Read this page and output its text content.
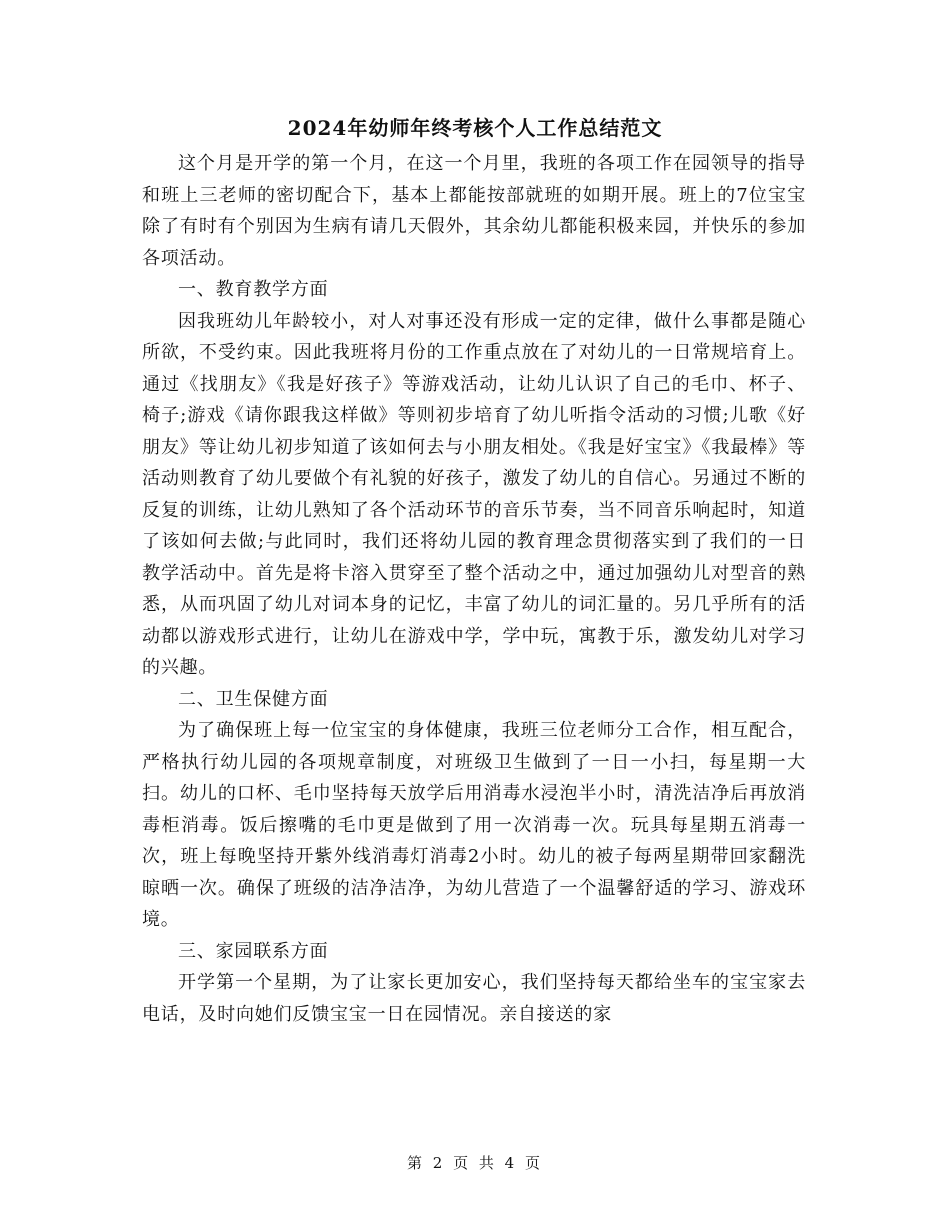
2024年幼师年终考核个人工作总结范文

这个月是开学的第一个月，在这一个月里，我班的各项工作在园领导的指导和班上三老师的密切配合下，基本上都能按部就班的如期开展。班上的7位宝宝除了有时有个别因为生病有请几天假外，其余幼儿都能积极来园，并快乐的参加各项活动。

一、教育教学方面

因我班幼儿年龄较小，对人对事还没有形成一定的定律，做什么事都是随心所欲，不受约束。因此我班将月份的工作重点放在了对幼儿的一日常规培育上。通过《找朋友》《我是好孩子》等游戏活动，让幼儿认识了自己的毛巾、杯子、椅子;游戏《请你跟我这样做》等则初步培育了幼儿听指令活动的习惯;儿歌《好朋友》等让幼儿初步知道了该如何去与小朋友相处。《我是好宝宝》《我最棒》等活动则教育了幼儿要做个有礼貌的好孩子，激发了幼儿的自信心。另通过不断的反复的训练，让幼儿熟知了各个活动环节的音乐节奏，当不同音乐响起时，知道了该如何去做;与此同时，我们还将幼儿园的教育理念贯彻落实到了我们的一日教学活动中。首先是将卡溶入贯穿至了整个活动之中，通过加强幼儿对型音的熟悉，从而巩固了幼儿对词本身的记忆，丰富了幼儿的词汇量的。另几乎所有的活动都以游戏形式进行，让幼儿在游戏中学，学中玩，寓教于乐，激发幼儿对学习的兴趣。

二、卫生保健方面

为了确保班上每一位宝宝的身体健康，我班三位老师分工合作，相互配合，严格执行幼儿园的各项规章制度，对班级卫生做到了一日一小扫，每星期一大扫。幼儿的口杯、毛巾坚持每天放学后用消毒水浸泡半小时，清洗洁净后再放消毒柜消毒。饭后擦嘴的毛巾更是做到了用一次消毒一次。玩具每星期五消毒一次，班上每晚坚持开紫外线消毒灯消毒2小时。幼儿的被子每两星期带回家翻洗晾晒一次。确保了班级的洁净洁净，为幼儿营造了一个温馨舒适的学习、游戏环境。

三、家园联系方面

开学第一个星期，为了让家长更加安心，我们坚持每天都给坐车的宝宝家去电话，及时向她们反馈宝宝一日在园情况。亲自接送的家

第 2 页 共 4 页
